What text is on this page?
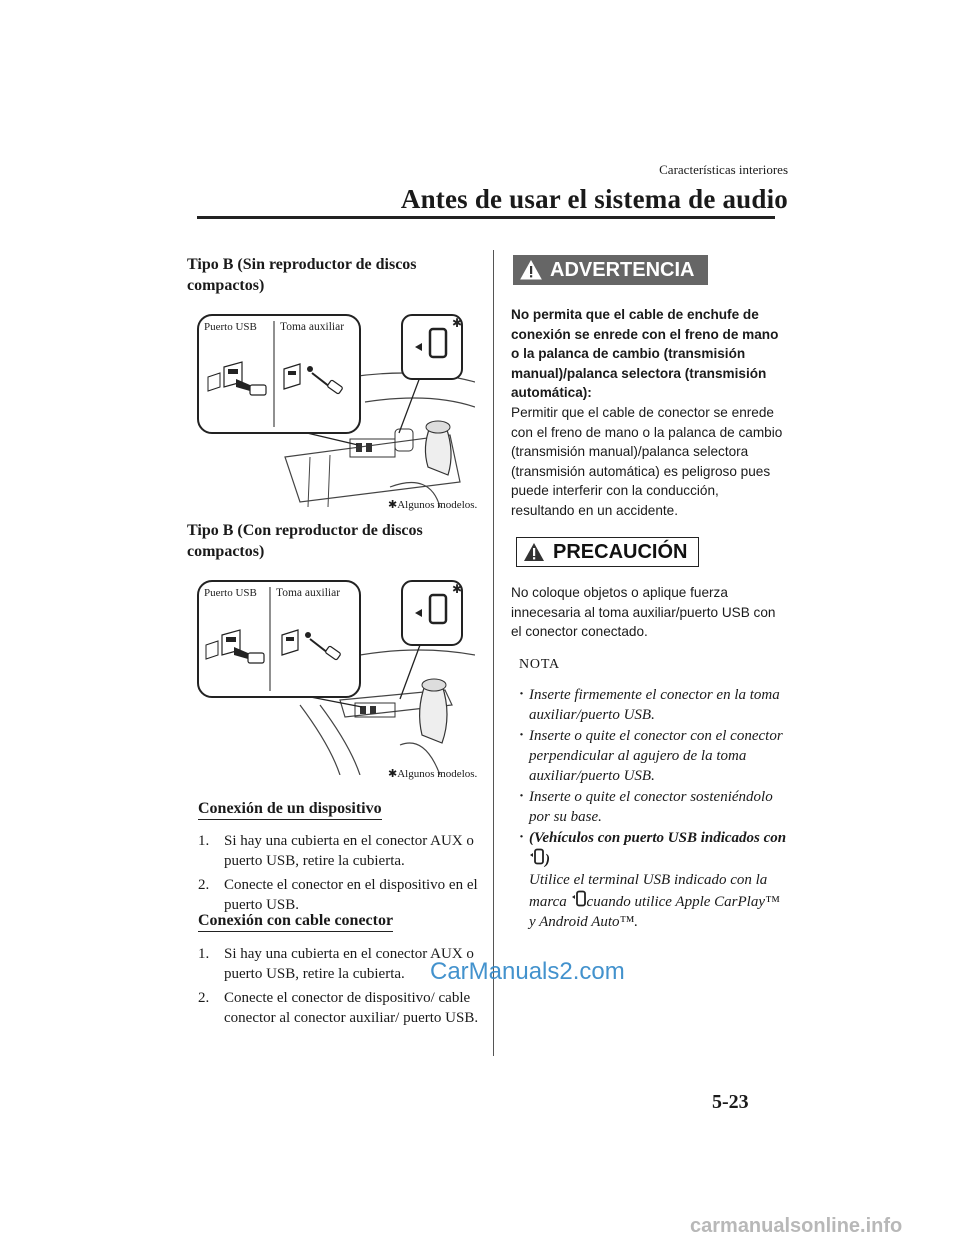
Características interiores
Antes de usar el sistema de audio
Tipo B (Sin reproductor de discos compactos)
✱
Puerto USB Toma auxiliar
✱Algunos modelos.
Tipo B (Con reproductor de discos compactos)
✱
Puerto USB Toma auxiliar
✱Algunos modelos.
Conexión de un dispositivo
1. Si hay una cubierta en el conector AUX o puerto USB, retire la cubierta.
2. Conecte el conector en el dispositivo en el puerto USB.
Conexión con cable conector
1. Si hay una cubierta en el conector AUX o puerto USB, retire la cubierta.
2. Conecte el conector de dispositivo/ cable conector al conector auxiliar/ puerto USB.
ADVERTENCIA
No permita que el cable de enchufe de conexión se enrede con el freno de mano o la palanca de cambio (transmisión manual)/palanca selectora (transmisión automática):
Permitir que el cable de conector se enrede con el freno de mano o la palanca de cambio (transmisión manual)/palanca selectora (transmisión automática) es peligroso pues puede interferir con la conducción, resultando en un accidente.
PRECAUCIÓN
No coloque objetos o aplique fuerza innecesaria al toma auxiliar/puerto USB con el conector conectado.
NOTA
· Inserte firmemente el conector en la toma auxiliar/puerto USB.
· Inserte o quite el conector con el conector perpendicular al agujero de la toma auxiliar/puerto USB.
· Inserte o quite el conector sosteniéndolo por su base.
· (Vehículos con puerto USB indicados con )
Utilice el terminal USB indicado con la marca cuando utilice Apple CarPlay™ y Android Auto™.
5-23
CarManuals2.com
carmanualsonline.info
